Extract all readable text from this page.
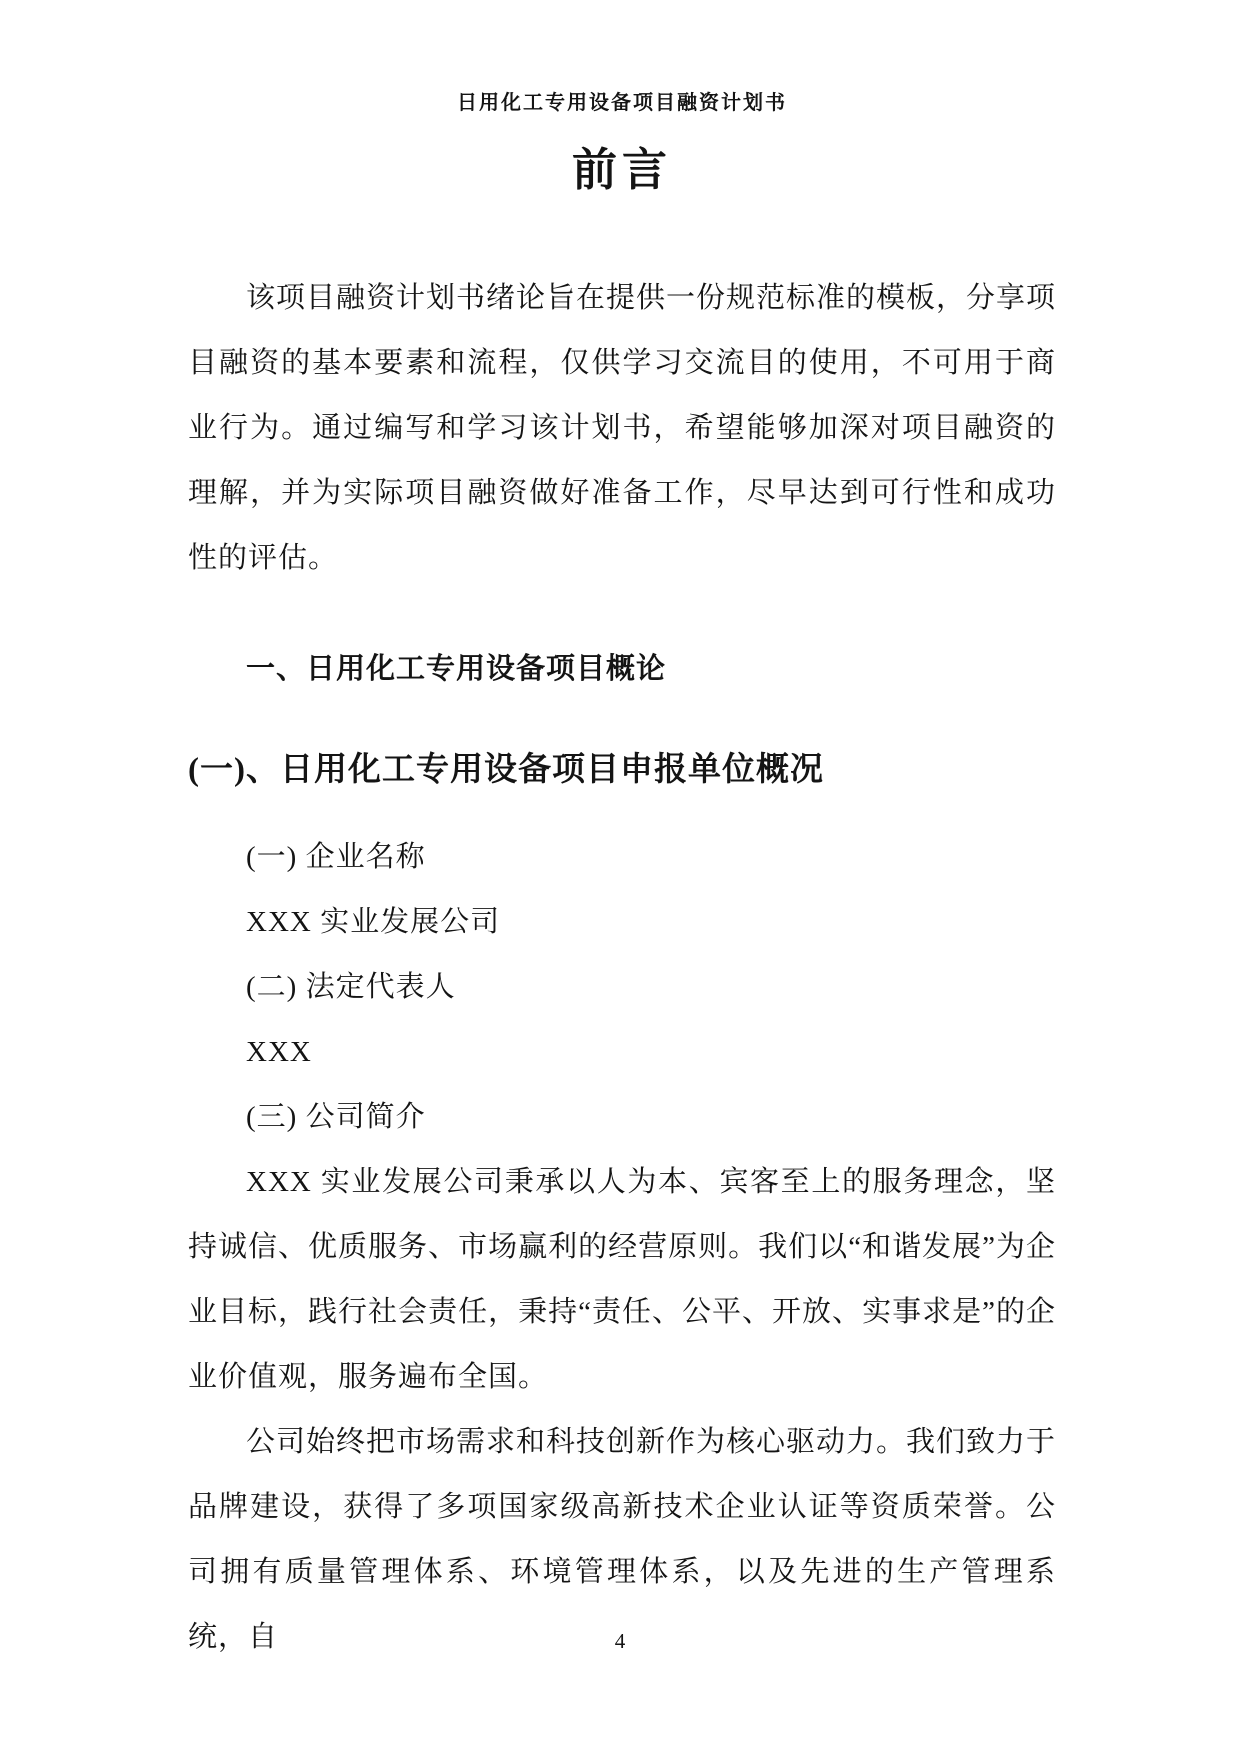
日用化工专用设备项目融资计划书
前言

该项目融资计划书绪论旨在提供一份规范标准的模板，分享项目融资的基本要素和流程，仅供学习交流目的使用，不可用于商业行为。通过编写和学习该计划书，希望能够加深对项目融资的理解，并为实际项目融资做好准备工作，尽早达到可行性和成功性的评估。

一、日用化工专用设备项目概论
(一)、日用化工专用设备项目申报单位概况
(一) 企业名称
XXX 实业发展公司
(二) 法定代表人
XXX
(三) 公司简介

XXX 实业发展公司秉承以人为本、宾客至上的服务理念，坚持诚信、优质服务、市场赢利的经营原则。我们以“和谐发展”为企业目标，践行社会责任，秉持“责任、公平、开放、实事求是”的企业价值观，服务遍布全国。

公司始终把市场需求和科技创新作为核心驱动力。我们致力于品牌建设，获得了多项国家级高新技术企业认证等资质荣誉。公司拥有质量管理体系、环境管理体系，以及先进的生产管理系统，自	4
